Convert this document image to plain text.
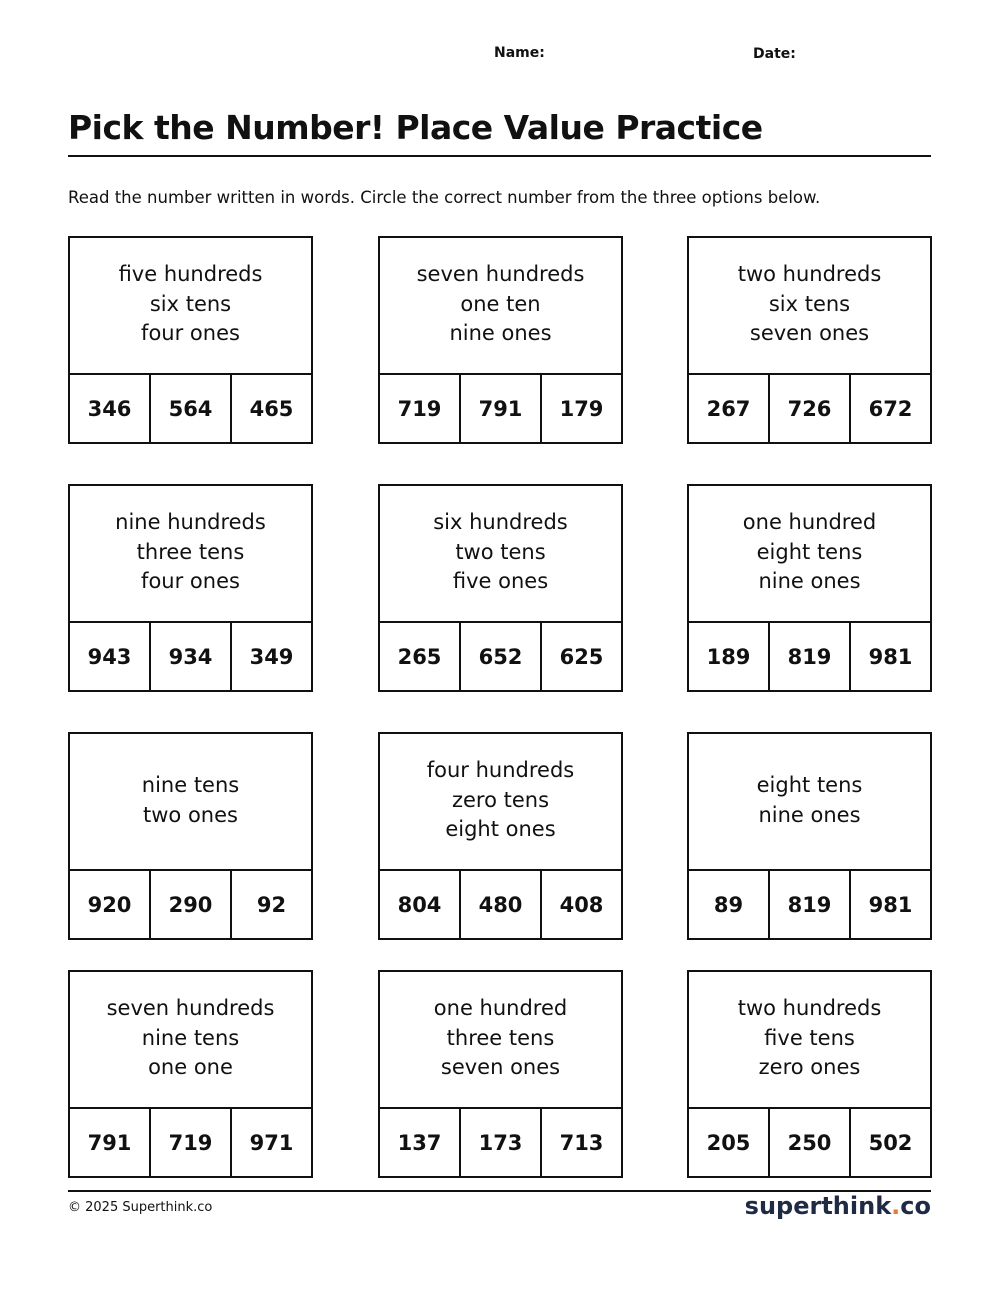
Name:	Date:
Pick the Number! Place Value Practice
Read the number written in words. Circle the correct number from the three options below.
five hundreds
six tens
four ones
346	564	465
seven hundreds
one ten
nine ones
719	791	179
two hundreds
six tens
seven ones
267	726	672
nine hundreds
three tens
four ones
943	934	349
six hundreds
two tens
five ones
265	652	625
one hundred
eight tens
nine ones
189	819	981
nine tens
two ones
920	290	92
four hundreds
zero tens
eight ones
804	480	408
eight tens
nine ones
89	819	981
seven hundreds
nine tens
one one
791	719	971
one hundred
three tens
seven ones
137	173	713
two hundreds
five tens
zero ones
205	250	502
© 2025 Superthink.co	superthink.co
